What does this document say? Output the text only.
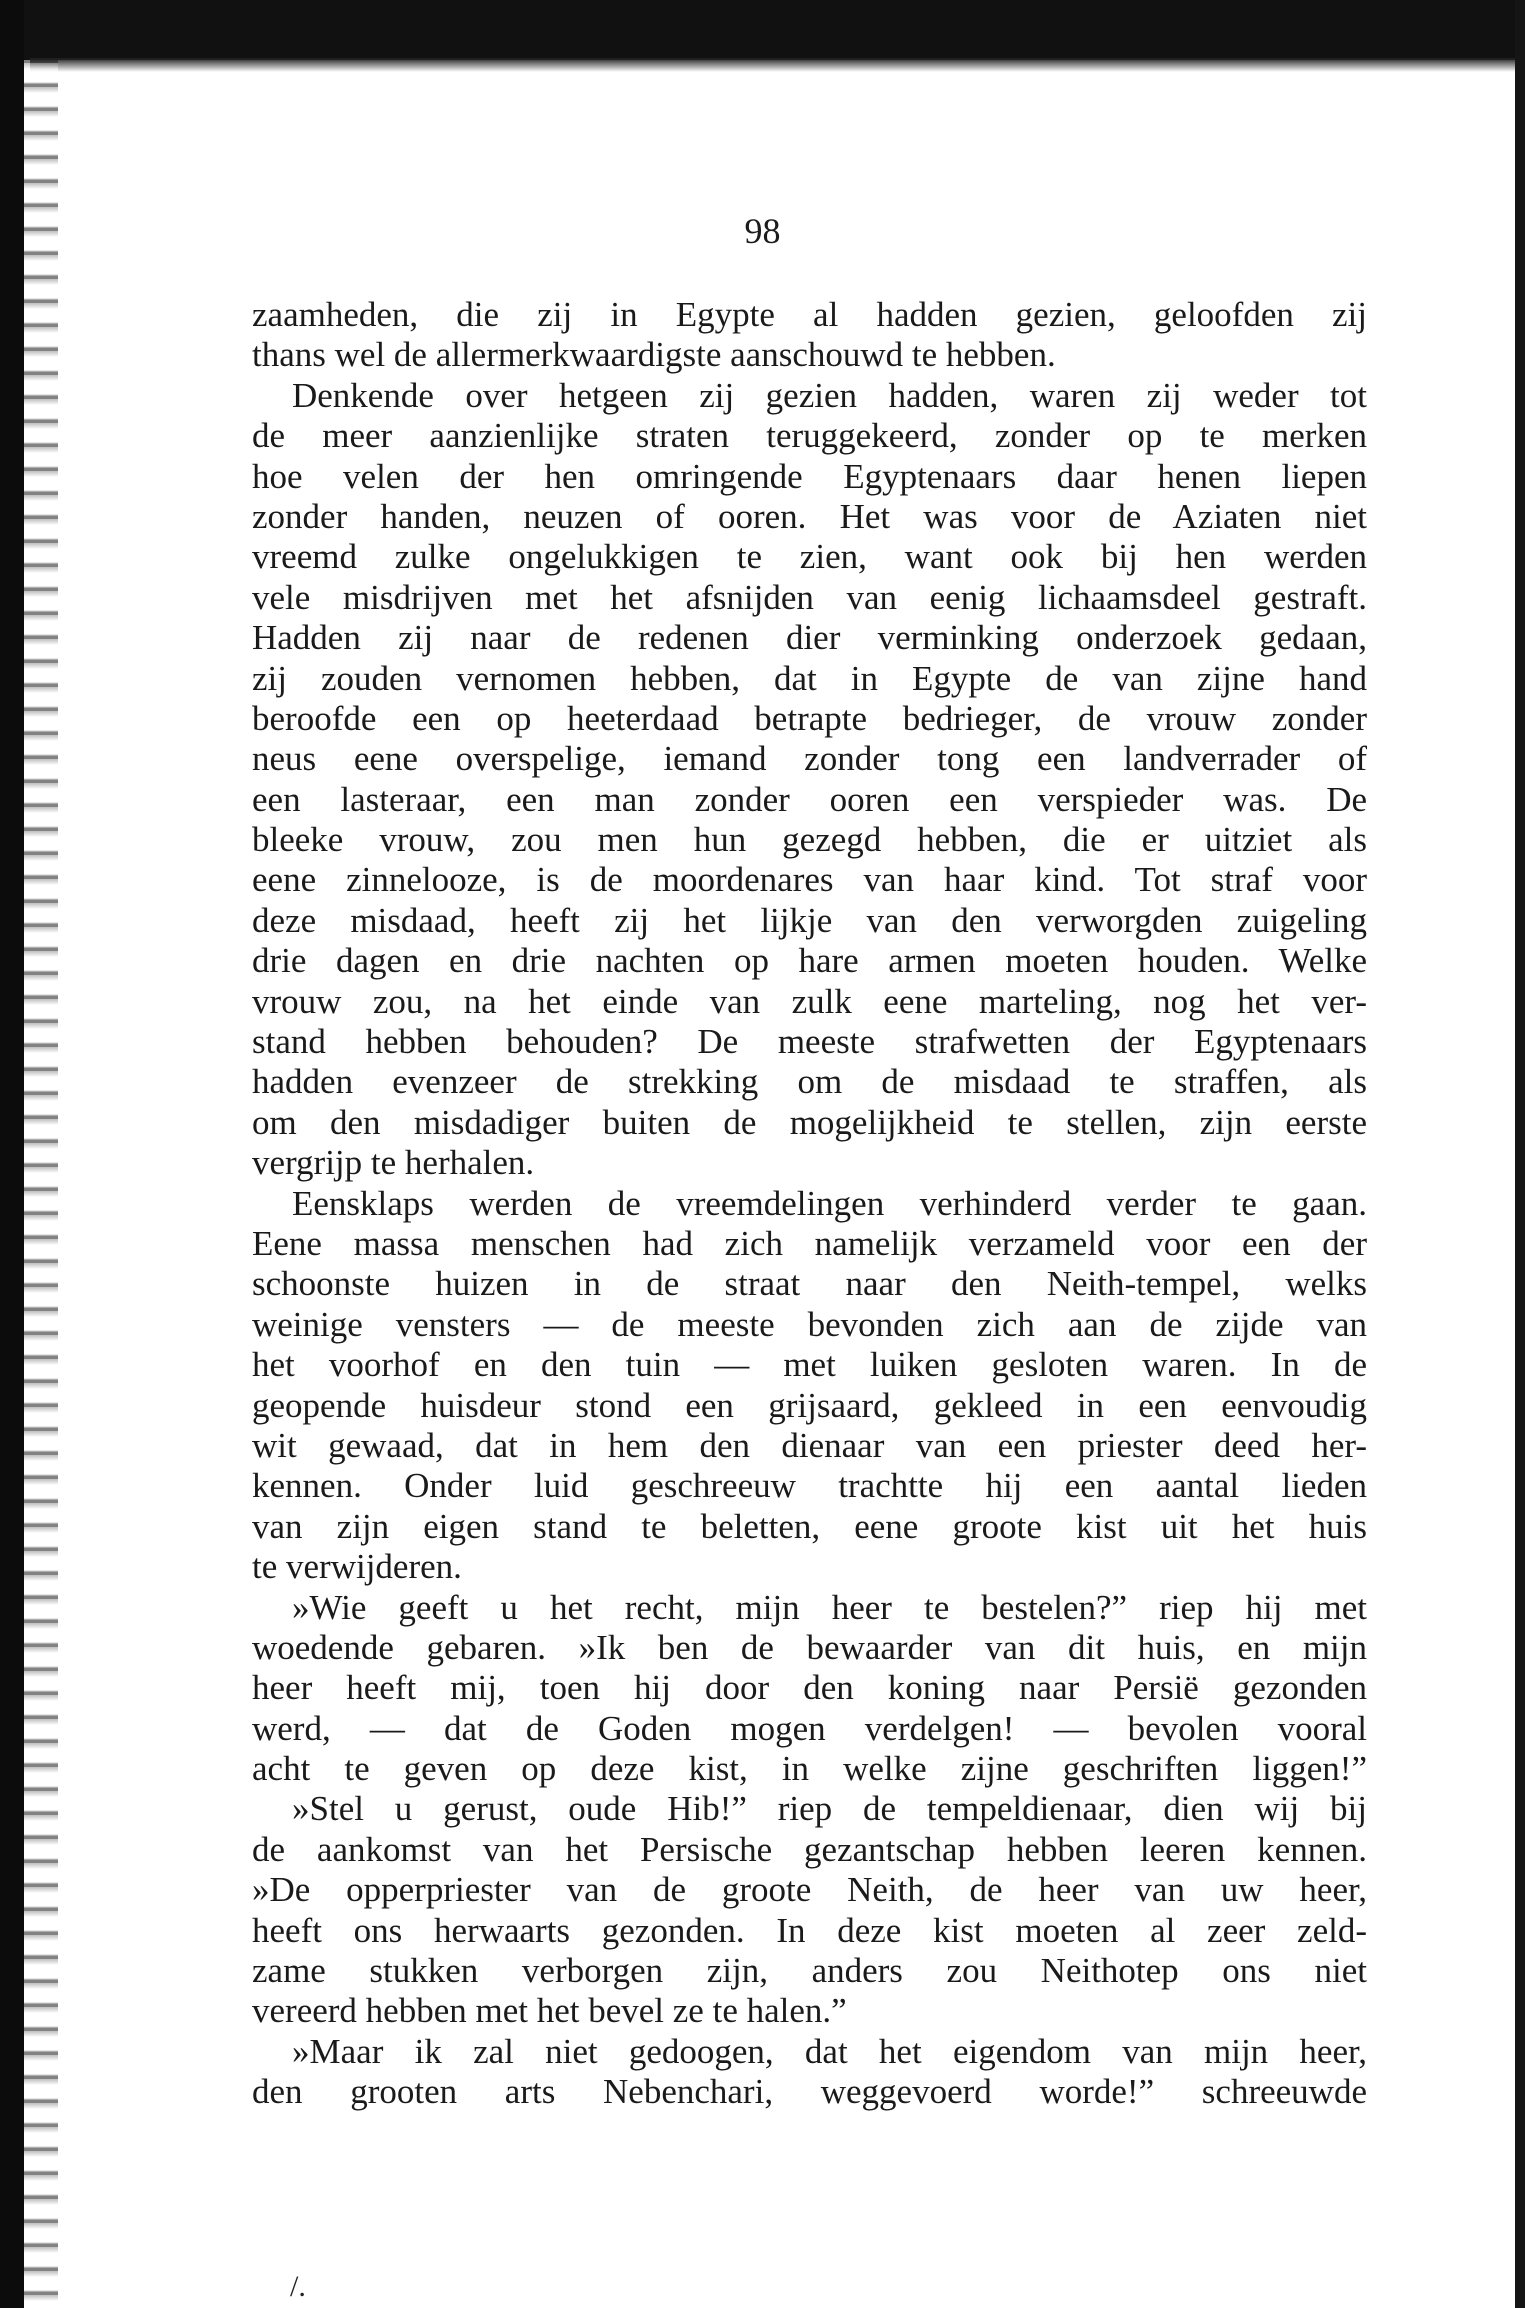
98
zaamheden, die zij in Egypte al hadden gezien, geloofden zij
thans wel de allermerkwaardigste aanschouwd te hebben.
Denkende over hetgeen zij gezien hadden, waren zij weder tot
de meer aanzienlijke straten teruggekeerd, zonder op te merken
hoe velen der hen omringende Egyptenaars daar henen liepen
zonder handen, neuzen of ooren. Het was voor de Aziaten niet
vreemd zulke ongelukkigen te zien, want ook bij hen werden
vele misdrijven met het afsnijden van eenig lichaamsdeel gestraft.
Hadden zij naar de redenen dier verminking onderzoek gedaan,
zij zouden vernomen hebben, dat in Egypte de van zijne hand
beroofde een op heeterdaad betrapte bedrieger, de vrouw zonder
neus eene overspelige, iemand zonder tong een landverrader of
een lasteraar, een man zonder ooren een verspieder was. De
bleeke vrouw, zou men hun gezegd hebben, die er uitziet als
eene zinnelooze, is de moordenares van haar kind. Tot straf voor
deze misdaad, heeft zij het lijkje van den verworgden zuigeling
drie dagen en drie nachten op hare armen moeten houden. Welke
vrouw zou, na het einde van zulk eene marteling, nog het ver-
stand hebben behouden? De meeste strafwetten der Egyptenaars
hadden evenzeer de strekking om de misdaad te straffen, als
om den misdadiger buiten de mogelijkheid te stellen, zijn eerste
vergrijp te herhalen.
Eensklaps werden de vreemdelingen verhinderd verder te gaan.
Eene massa menschen had zich namelijk verzameld voor een der
schoonste huizen in de straat naar den Neith-tempel, welks
weinige vensters — de meeste bevonden zich aan de zijde van
het voorhof en den tuin — met luiken gesloten waren. In de
geopende huisdeur stond een grijsaard, gekleed in een eenvoudig
wit gewaad, dat in hem den dienaar van een priester deed her-
kennen. Onder luid geschreeuw trachtte hij een aantal lieden
van zijn eigen stand te beletten, eene groote kist uit het huis
te verwijderen.
»Wie geeft u het recht, mijn heer te bestelen?” riep hij met
woedende gebaren. »Ik ben de bewaarder van dit huis, en mijn
heer heeft mij, toen hij door den koning naar Persië gezonden
werd, — dat de Goden mogen verdelgen! — bevolen vooral
acht te geven op deze kist, in welke zijne geschriften liggen!”
»Stel u gerust, oude Hib!” riep de tempeldienaar, dien wij bij
de aankomst van het Persische gezantschap hebben leeren kennen.
»De opperpriester van de groote Neith, de heer van uw heer,
heeft ons herwaarts gezonden. In deze kist moeten al zeer zeld-
zame stukken verborgen zijn, anders zou Neithotep ons niet
vereerd hebben met het bevel ze te halen.”
»Maar ik zal niet gedoogen, dat het eigendom van mijn heer,
den grooten arts Nebenchari, weggevoerd worde!” schreeuwde
/.
